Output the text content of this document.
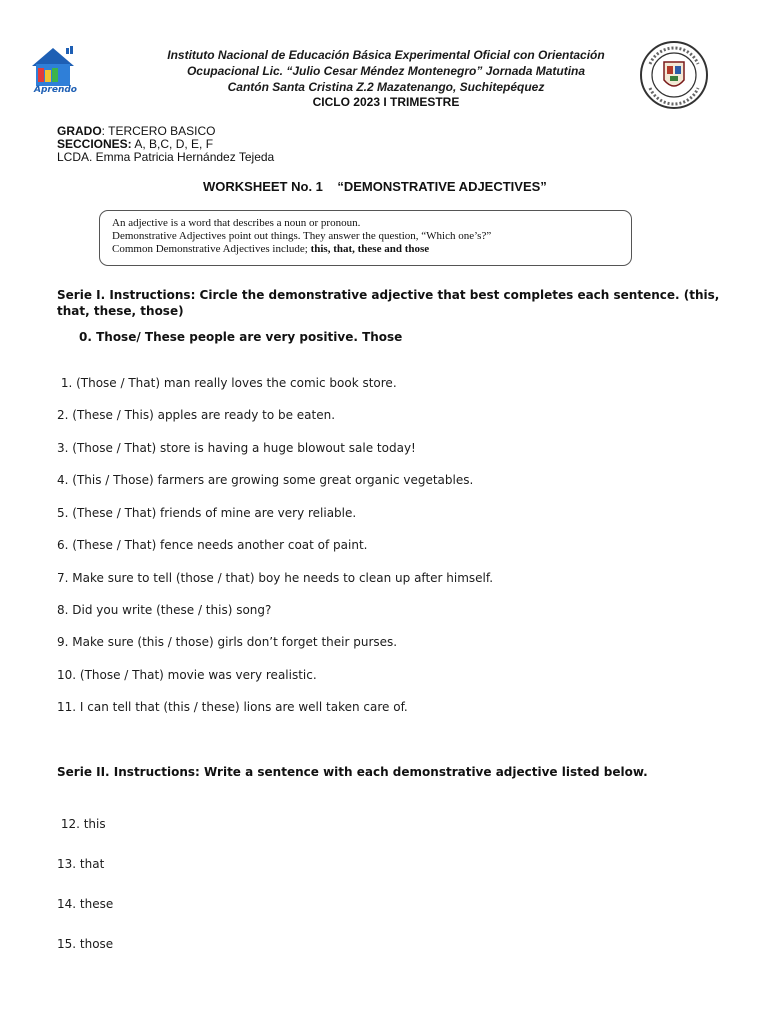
Aprendo
Instituto Nacional de Educación Básica Experimental Oficial con Orientación
Ocupacional Lic. “Julio Cesar Méndez Montenegro” Jornada Matutina
Cantón Santa Cristina Z.2 Mazatenango, Suchitepéquez
CICLO 2023 I TRIMESTRE
GRADO: TERCERO BASICO
SECCIONES: A, B,C, D, E, F
LCDA. Emma Patricia Hernández Tejeda
WORKSHEET No. 1    “DEMONSTRATIVE ADJECTIVES”
An adjective is a word that describes a noun or pronoun.
Demonstrative Adjectives point out things. They answer the question, “Which one’s?”
Common Demonstrative Adjectives include; this, that, these and those
Serie I. Instructions: Circle the demonstrative adjective that best completes each sentence. (this, that, these, those)
0. Those/ These people are very positive. Those
1. (Those / That) man really loves the comic book store.
2. (These / This) apples are ready to be eaten.
3. (Those / That) store is having a huge blowout sale today!
4. (This / Those) farmers are growing some great organic vegetables.
5. (These / That) friends of mine are very reliable.
6. (These / That) fence needs another coat of paint.
7. Make sure to tell (those / that) boy he needs to clean up after himself.
8. Did you write (these / this) song?
9. Make sure (this / those) girls don’t forget their purses.
10. (Those / That) movie was very realistic.
11. I can tell that (this / these) lions are well taken care of.
Serie II. Instructions: Write a sentence with each demonstrative adjective listed below.
12. this
13. that
14. these
15. those
